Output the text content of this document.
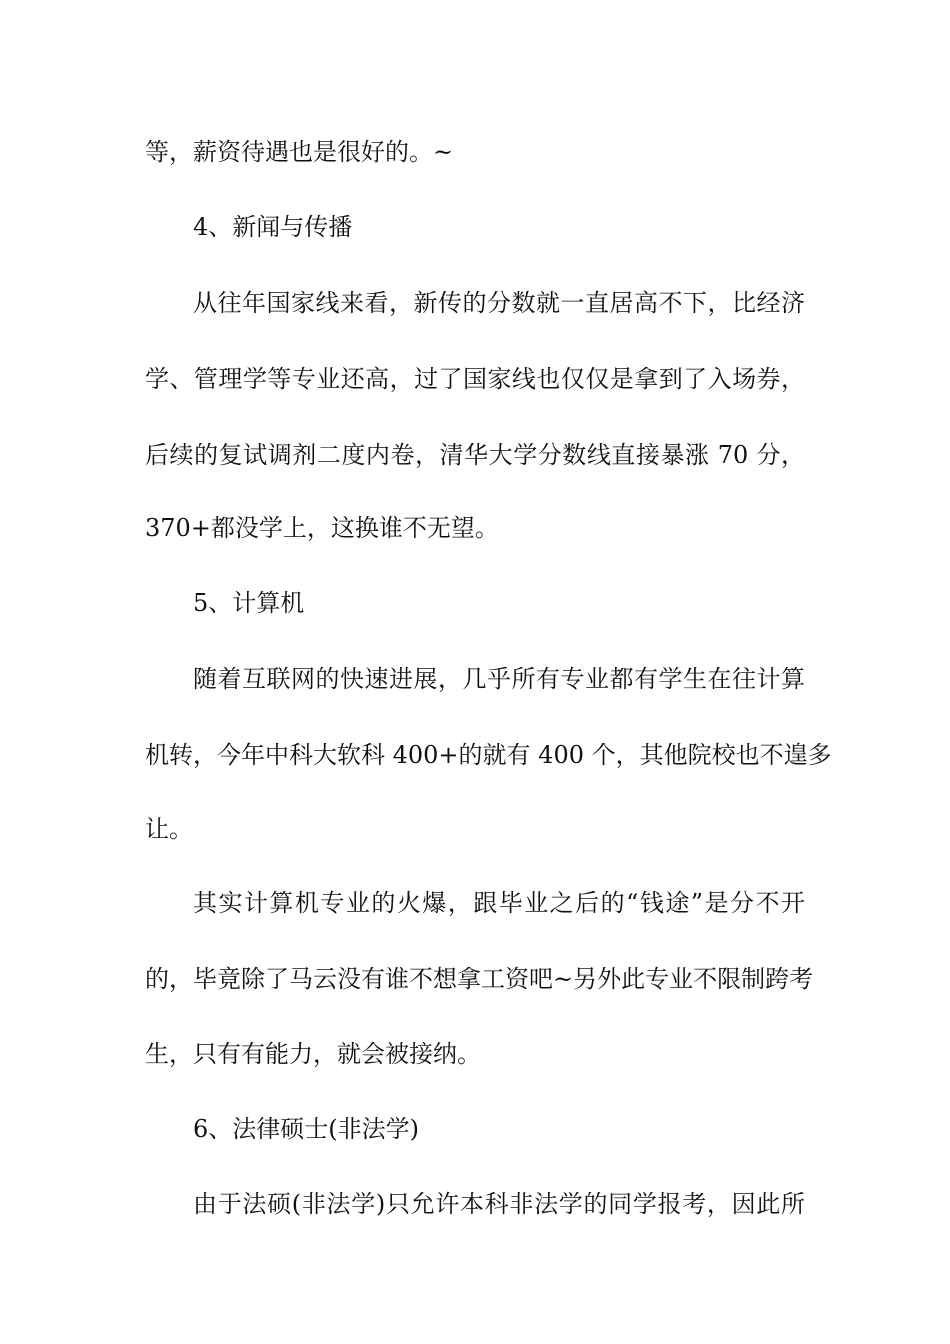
等，薪资待遇也是很好的。~
4、新闻与传播
从往年国家线来看，新传的分数就一直居高不下，比经济
学、管理学等专业还高，过了国家线也仅仅是拿到了入场券，
后续的复试调剂二度内卷，清华大学分数线直接暴涨 70 分，
370+都没学上，这换谁不无望。
5、计算机
随着互联网的快速进展，几乎所有专业都有学生在往计算
机转，今年中科大软科 400+的就有 400 个，其他院校也不遑多
让。
其实计算机专业的火爆，跟毕业之后的“钱途”是分不开
的，毕竟除了马云没有谁不想拿工资吧~另外此专业不限制跨考
生，只有有能力，就会被接纳。
6、法律硕士(非法学)
由于法硕(非法学)只允许本科非法学的同学报考，因此所
